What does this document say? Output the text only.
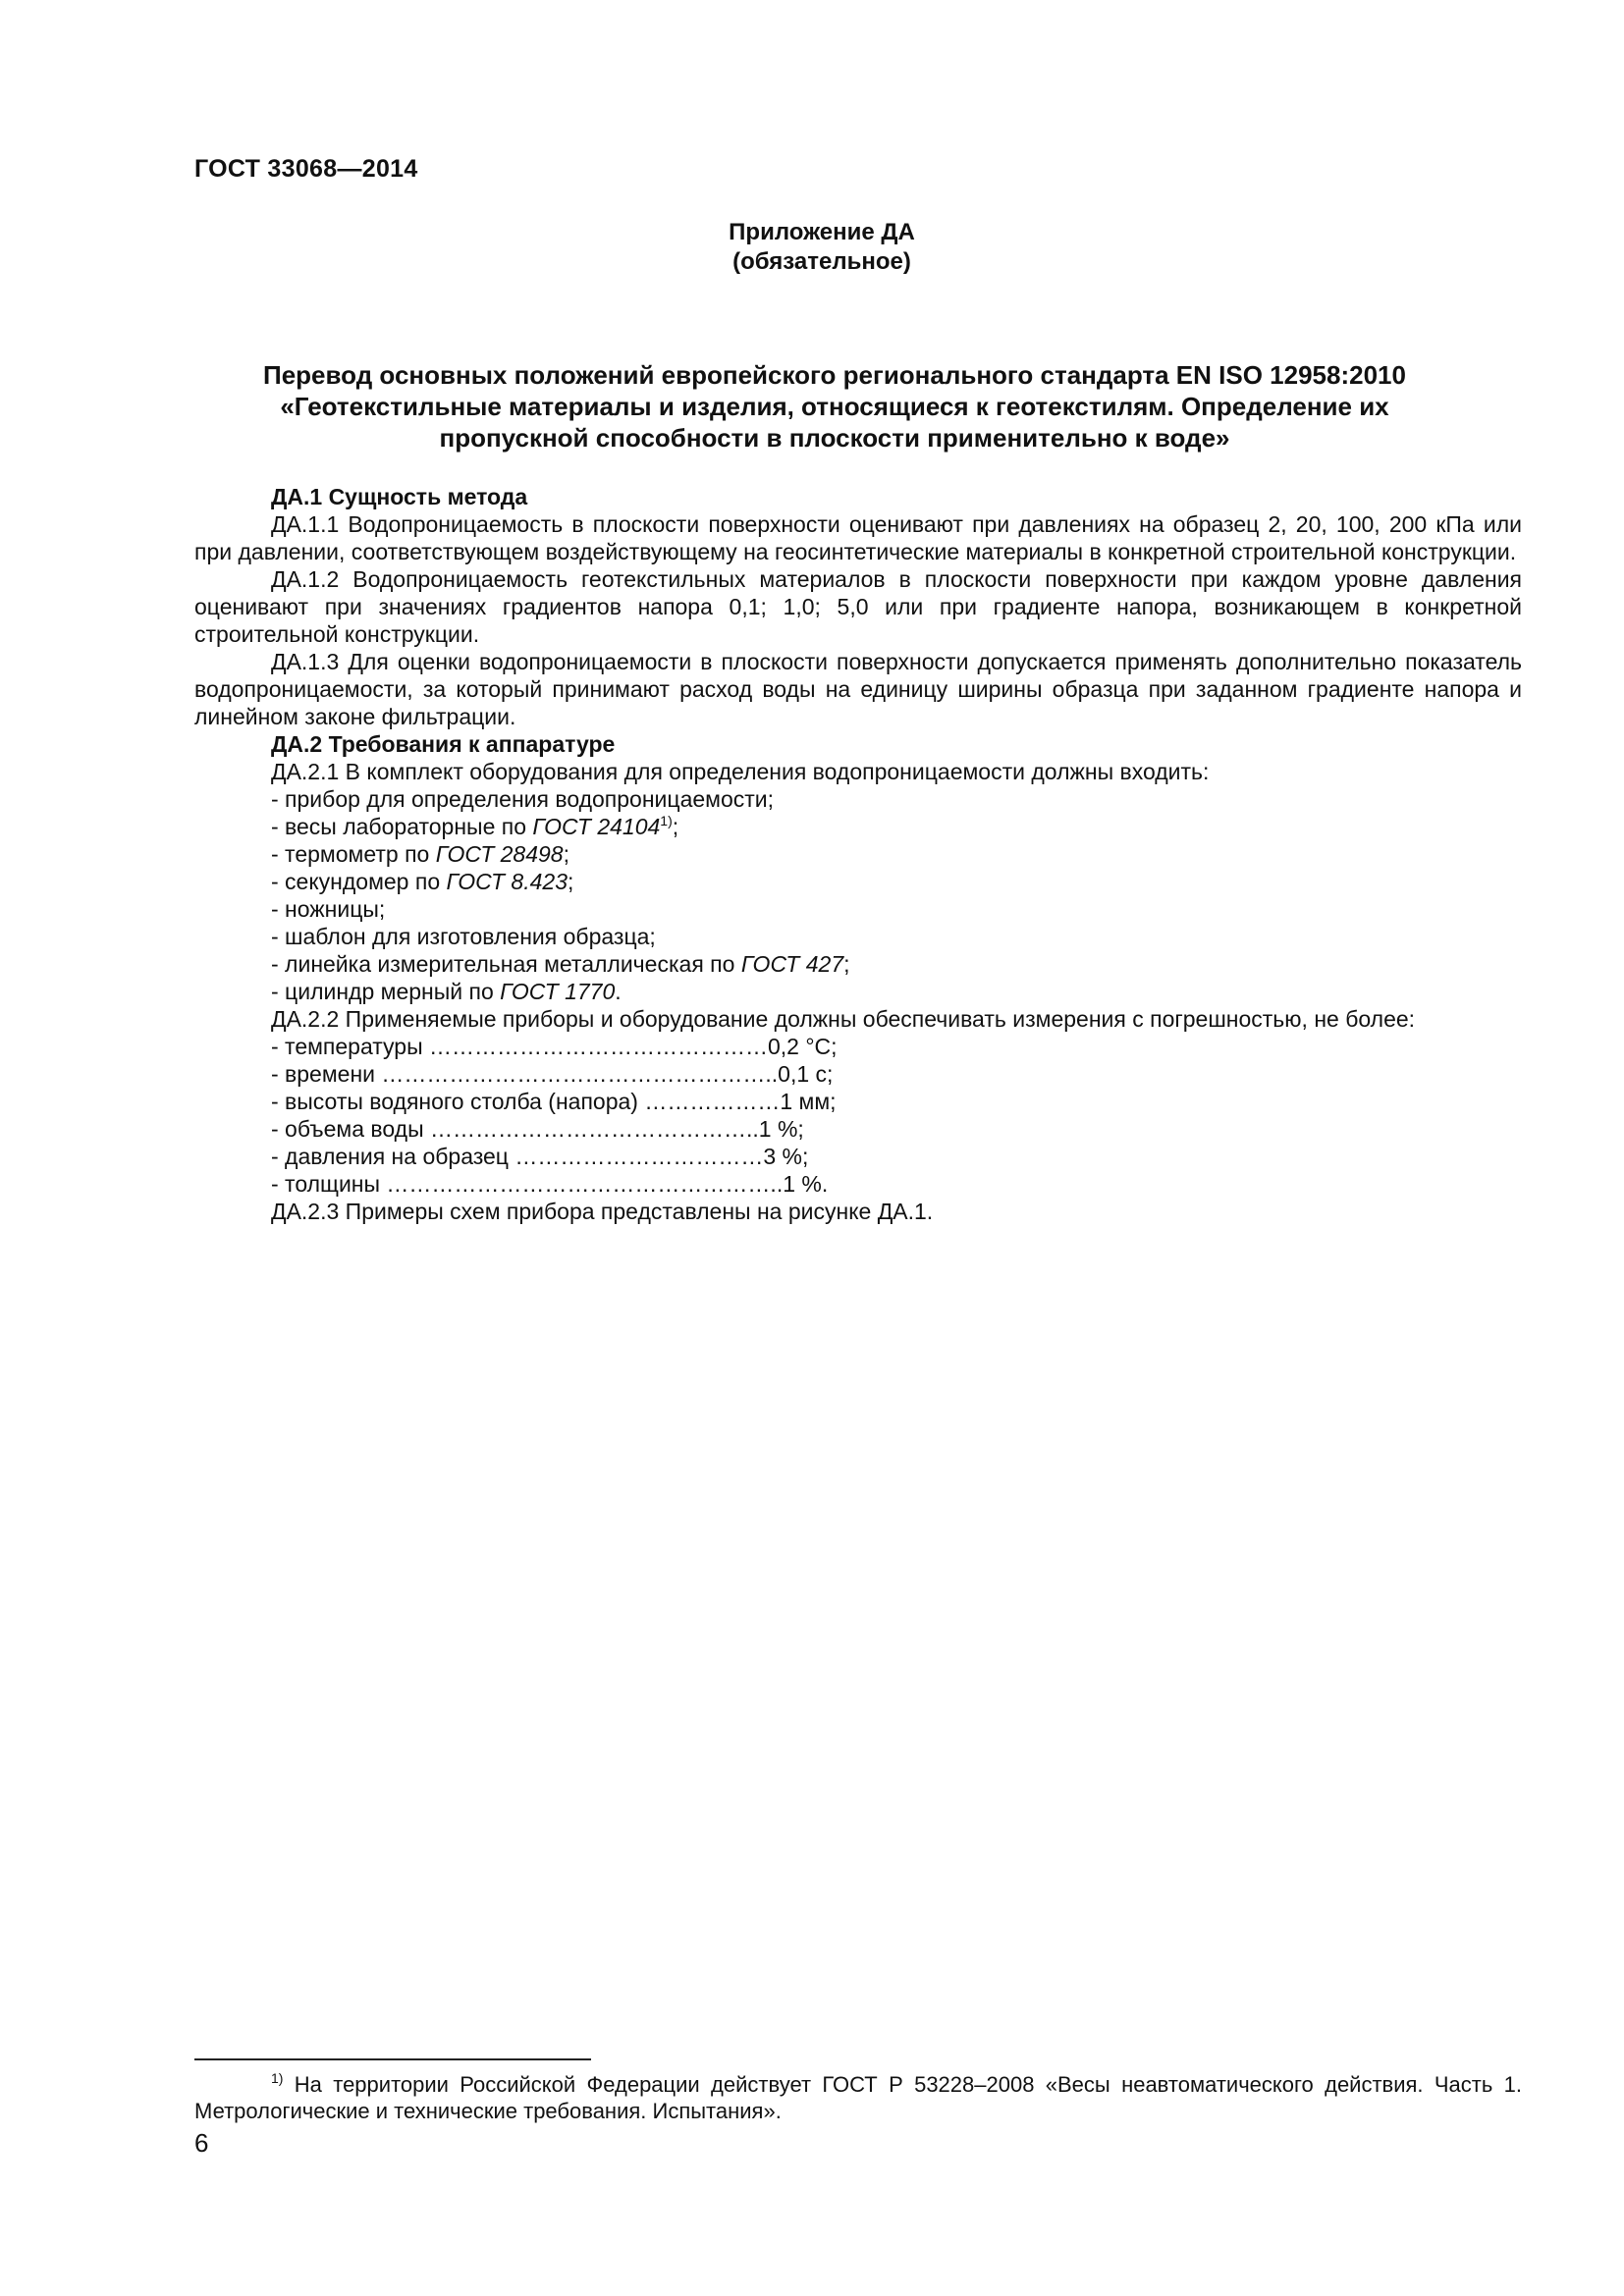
ГОСТ 33068—2014
Приложение ДА
(обязательное)
Перевод основных положений европейского регионального стандарта EN ISO 12958:2010
«Геотекстильные материалы и изделия, относящиеся к геотекстилям. Определение их
пропускной способности в плоскости применительно к воде»

ДА.1 Сущность метода

ДА.1.1 Водопроницаемость в плоскости поверхности оценивают при давлениях на образец 2, 20, 100, 200 кПа или при давлении, соответствующем воздействующему на геосинтетические материалы в конкретной строительной конструкции.

ДА.1.2 Водопроницаемость геотекстильных материалов в плоскости поверхности при каждом уровне давления оценивают при значениях градиентов напора 0,1; 1,0; 5,0 или при градиенте напора, возникающем в конкретной строительной конструкции.

ДА.1.3 Для оценки водопроницаемости в плоскости поверхности допускается применять дополнительно показатель водопроницаемости, за который принимают расход воды на единицу ширины образца при заданном градиенте напора и линейном законе фильтрации.

ДА.2 Требования к аппаратуре

ДА.2.1 В комплект оборудования для определения водопроницаемости должны входить:

- прибор для определения водопроницаемости;

- весы лабораторные по ГОСТ 24104$^{1)}$;

- термометр по ГОСТ 28498;

- секундомер по ГОСТ 8.423;

- ножницы;

- шаблон для изготовления образца;

- линейка измерительная металлическая по ГОСТ 427;

- цилиндр мерный по ГОСТ 1770.

ДА.2.2 Применяемые приборы и оборудование должны обеспечивать измерения с погрешностью, не более:

- температуры ………………………………………0,2 °С;

- времени ……………………………………………..0,1 с;

- высоты водяного столба (напора) ………………1 мм;

- объема воды ……………………………………..1 %;

- давления на образец ……………………………3 %;

- толщины ……………………………………………..1 %.

ДА.2.3 Примеры схем прибора представлены на рисунке ДА.1.

$^{1)}$ На территории Российской Федерации действует ГОСТ Р 53228–2008 «Весы неавтоматического действия. Часть 1. Метрологические и технические требования. Испытания».
6
